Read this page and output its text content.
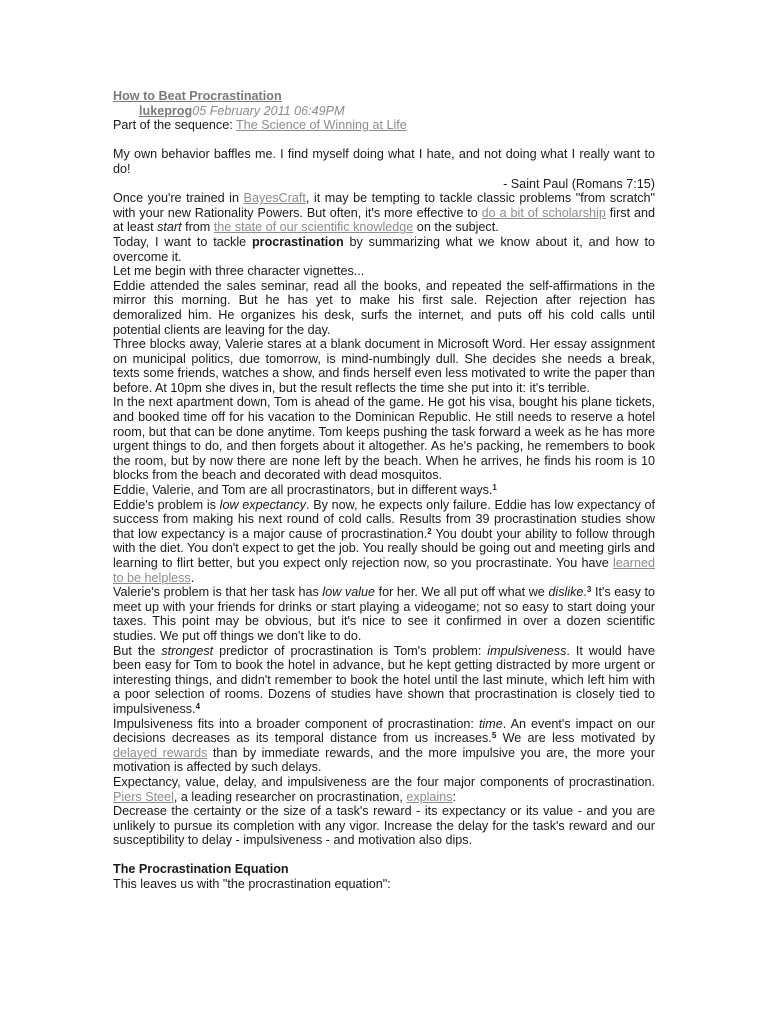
How to Beat Procrastination
lukeprog05 February 2011 06:49PM
Part of the sequence: The Science of Winning at Life

My own behavior baffles me. I find myself doing what I hate, and not doing what I really want to do!

- Saint Paul (Romans 7:15)

Once you're trained in BayesCraft, it may be tempting to tackle classic problems "from scratch" with your new Rationality Powers. But often, it's more effective to do a bit of scholarship first and at least start from the state of our scientific knowledge on the subject.

Today, I want to tackle procrastination by summarizing what we know about it, and how to overcome it.

Let me begin with three character vignettes...

Eddie attended the sales seminar, read all the books, and repeated the self-affirmations in the mirror this morning. But he has yet to make his first sale. Rejection after rejection has demoralized him. He organizes his desk, surfs the internet, and puts off his cold calls until potential clients are leaving for the day.

Three blocks away, Valerie stares at a blank document in Microsoft Word. Her essay assignment on municipal politics, due tomorrow, is mind-numbingly dull. She decides she needs a break, texts some friends, watches a show, and finds herself even less motivated to write the paper than before. At 10pm she dives in, but the result reflects the time she put into it: it's terrible.

In the next apartment down, Tom is ahead of the game. He got his visa, bought his plane tickets, and booked time off for his vacation to the Dominican Republic. He still needs to reserve a hotel room, but that can be done anytime. Tom keeps pushing the task forward a week as he has more urgent things to do, and then forgets about it altogether. As he's packing, he remembers to book the room, but by now there are none left by the beach. When he arrives, he finds his room is 10 blocks from the beach and decorated with dead mosquitos.

Eddie, Valerie, and Tom are all procrastinators, but in different ways.$^1$

Eddie's problem is low expectancy. By now, he expects only failure. Eddie has low expectancy of success from making his next round of cold calls. Results from 39 procrastination studies show that low expectancy is a major cause of procrastination.$^2$ You doubt your ability to follow through with the diet. You don't expect to get the job. You really should be going out and meeting girls and learning to flirt better, but you expect only rejection now, so you procrastinate. You have learned to be helpless.

Valerie's problem is that her task has low value for her. We all put off what we dislike.$^3$ It's easy to meet up with your friends for drinks or start playing a videogame; not so easy to start doing your taxes. This point may be obvious, but it's nice to see it confirmed in over a dozen scientific studies. We put off things we don't like to do.

But the strongest predictor of procrastination is Tom's problem: impulsiveness. It would have been easy for Tom to book the hotel in advance, but he kept getting distracted by more urgent or interesting things, and didn't remember to book the hotel until the last minute, which left him with a poor selection of rooms. Dozens of studies have shown that procrastination is closely tied to impulsiveness.$^4$

Impulsiveness fits into a broader component of procrastination: time. An event's impact on our decisions decreases as its temporal distance from us increases.$^5$ We are less motivated by delayed rewards than by immediate rewards, and the more impulsive you are, the more your motivation is affected by such delays.

Expectancy, value, delay, and impulsiveness are the four major components of procrastination. Piers Steel, a leading researcher on procrastination, explains:

Decrease the certainty or the size of a task's reward - its expectancy or its value - and you are unlikely to pursue its completion with any vigor. Increase the delay for the task's reward and our susceptibility to delay - impulsiveness - and motivation also dips.

The Procrastination Equation

This leaves us with "the procrastination equation":
